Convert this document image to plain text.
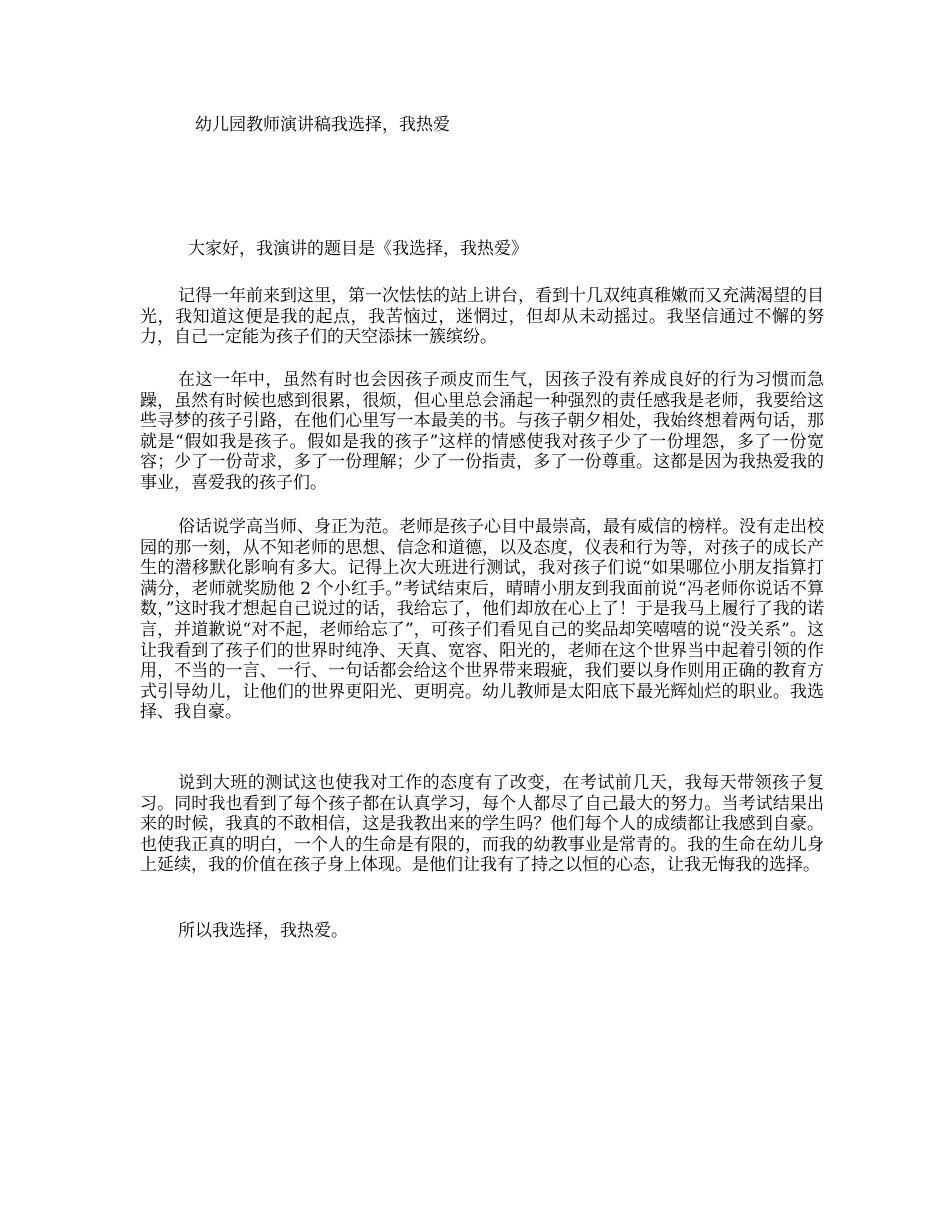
幼儿园教师演讲稿我选择，我热爱
大家好，我演讲的题目是《我选择，我热爱》

记得一年前来到这里，第一次怯怯的站上讲台，看到十几双纯真稚嫩而又充满渴望的目光，我知道这便是我的起点，我苦恼过，迷惘过，但却从未动摇过。我坚信通过不懈的努力，自己一定能为孩子们的天空添抹一簇缤纷。

在这一年中，虽然有时也会因孩子顽皮而生气，因孩子没有养成良好的行为习惯而急躁，虽然有时候也感到很累，很烦，但心里总会涌起一种强烈的责任感我是老师，我要给这些寻梦的孩子引路，在他们心里写一本最美的书。与孩子朝夕相处，我始终想着两句话，那就是“假如我是孩子。假如是我的孩子”这样的情感使我对孩子少了一份埋怨，多了一份宽容；少了一份苛求，多了一份理解；少了一份指责，多了一份尊重。这都是因为我热爱我的事业，喜爱我的孩子们。

俗话说学高当师、身正为范。老师是孩子心目中最崇高，最有威信的榜样。没有走出校园的那一刻，从不知老师的思想、信念和道德，以及态度，仪表和行为等，对孩子的成长产生的潜移默化影响有多大。记得上次大班进行测试，我对孩子们说“如果哪位小朋友指算打满分，老师就奖励他 2 个小红手。”考试结束后，晴晴小朋友到我面前说“冯老师你说话不算数，”这时我才想起自己说过的话，我给忘了，他们却放在心上了！于是我马上履行了我的诺言，并道歉说“对不起，老师给忘了”，可孩子们看见自己的奖品却笑嘻嘻的说“没关系”。这让我看到了孩子们的世界时纯净、天真、宽容、阳光的，老师在这个世界当中起着引领的作用，不当的一言、一行、一句话都会给这个世界带来瑕疵，我们要以身作则用正确的教育方式引导幼儿，让他们的世界更阳光、更明亮。幼儿教师是太阳底下最光辉灿烂的职业。我选择、我自豪。

说到大班的测试这也使我对工作的态度有了改变，在考试前几天，我每天带领孩子复习。同时我也看到了每个孩子都在认真学习，每个人都尽了自己最大的努力。当考试结果出来的时候，我真的不敢相信，这是我教出来的学生吗？他们每个人的成绩都让我感到自豪。也使我正真的明白，一个人的生命是有限的，而我的幼教事业是常青的。我的生命在幼儿身上延续，我的价值在孩子身上体现。是他们让我有了持之以恒的心态，让我无悔我的选择。

所以我选择，我热爱。
